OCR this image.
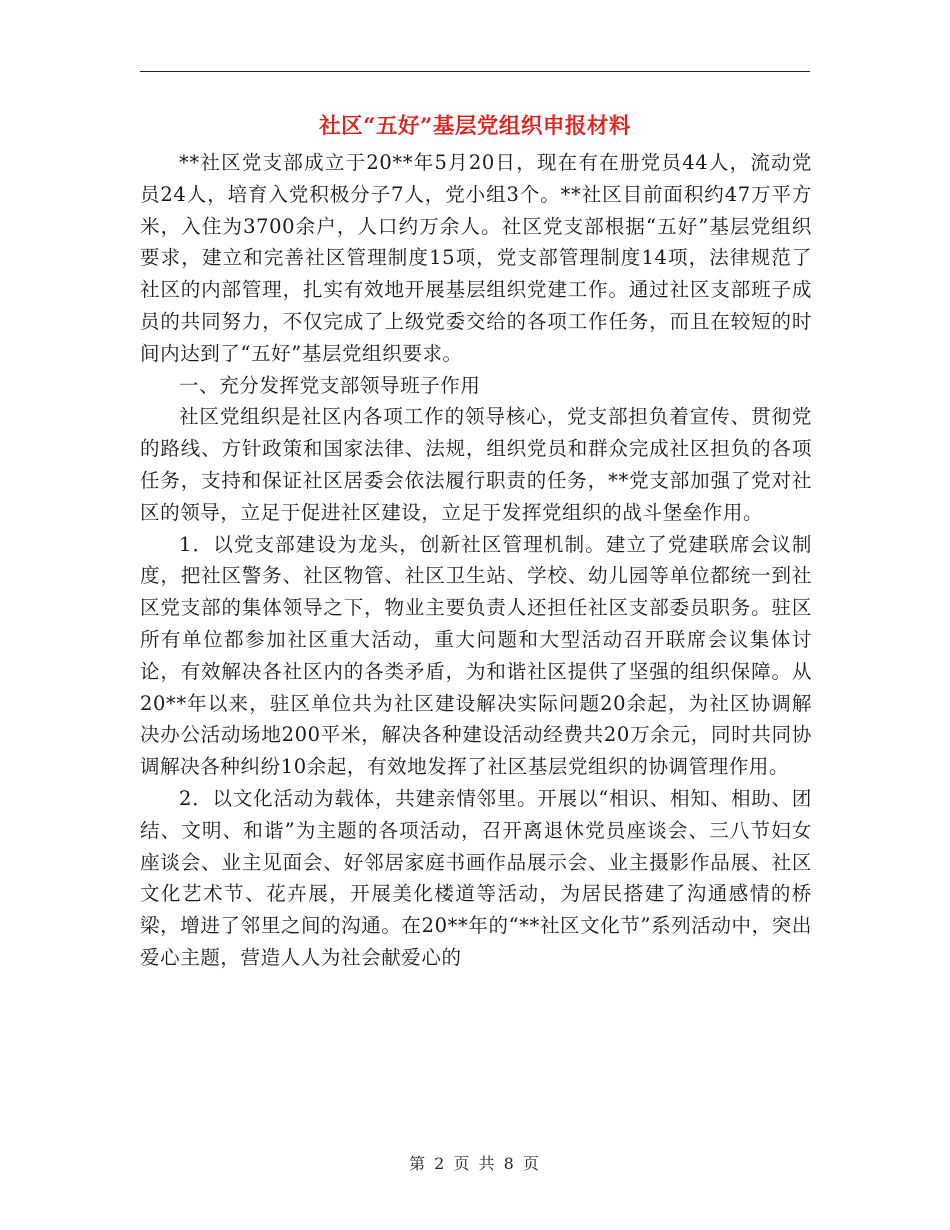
社区“五好”基层党组织申报材料

**社区党支部成立于20**年5月20日，现在有在册党员44人，流动党员24人，培育入党积极分子7人，党小组3个。**社区目前面积约47万平方米，入住为3700余户，人口约万余人。社区党支部根据“五好”基层党组织要求，建立和完善社区管理制度15项，党支部管理制度14项，法律规范了社区的内部管理，扎实有效地开展基层组织党建工作。通过社区支部班子成员的共同努力，不仅完成了上级党委交给的各项工作任务，而且在较短的时间内达到了“五好”基层党组织要求。

一、充分发挥党支部领导班子作用

社区党组织是社区内各项工作的领导核心，党支部担负着宣传、贯彻党的路线、方针政策和国家法律、法规，组织党员和群众完成社区担负的各项任务，支持和保证社区居委会依法履行职责的任务，**党支部加强了党对社区的领导，立足于促进社区建设，立足于发挥党组织的战斗堡垒作用。

1．以党支部建设为龙头，创新社区管理机制。建立了党建联席会议制度，把社区警务、社区物管、社区卫生站、学校、幼儿园等单位都统一到社区党支部的集体领导之下，物业主要负责人还担任社区支部委员职务。驻区所有单位都参加社区重大活动，重大问题和大型活动召开联席会议集体讨论，有效解决各社区内的各类矛盾，为和谐社区提供了坚强的组织保障。从20**年以来，驻区单位共为社区建设解决实际问题20余起，为社区协调解决办公活动场地200平米，解决各种建设活动经费共20万余元，同时共同协调解决各种纠纷10余起，有效地发挥了社区基层党组织的协调管理作用。

2．以文化活动为载体，共建亲情邻里。开展以“相识、相知、相助、团结、文明、和谐”为主题的各项活动，召开离退休党员座谈会、三八节妇女座谈会、业主见面会、好邻居家庭书画作品展示会、业主摄影作品展、社区文化艺术节、花卉展，开展美化楼道等活动，为居民搭建了沟通感情的桥梁，增进了邻里之间的沟通。在20**年的“**社区文化节”系列活动中，突出爱心主题，营造人人为社会献爱心的

第 2 页 共 8 页
